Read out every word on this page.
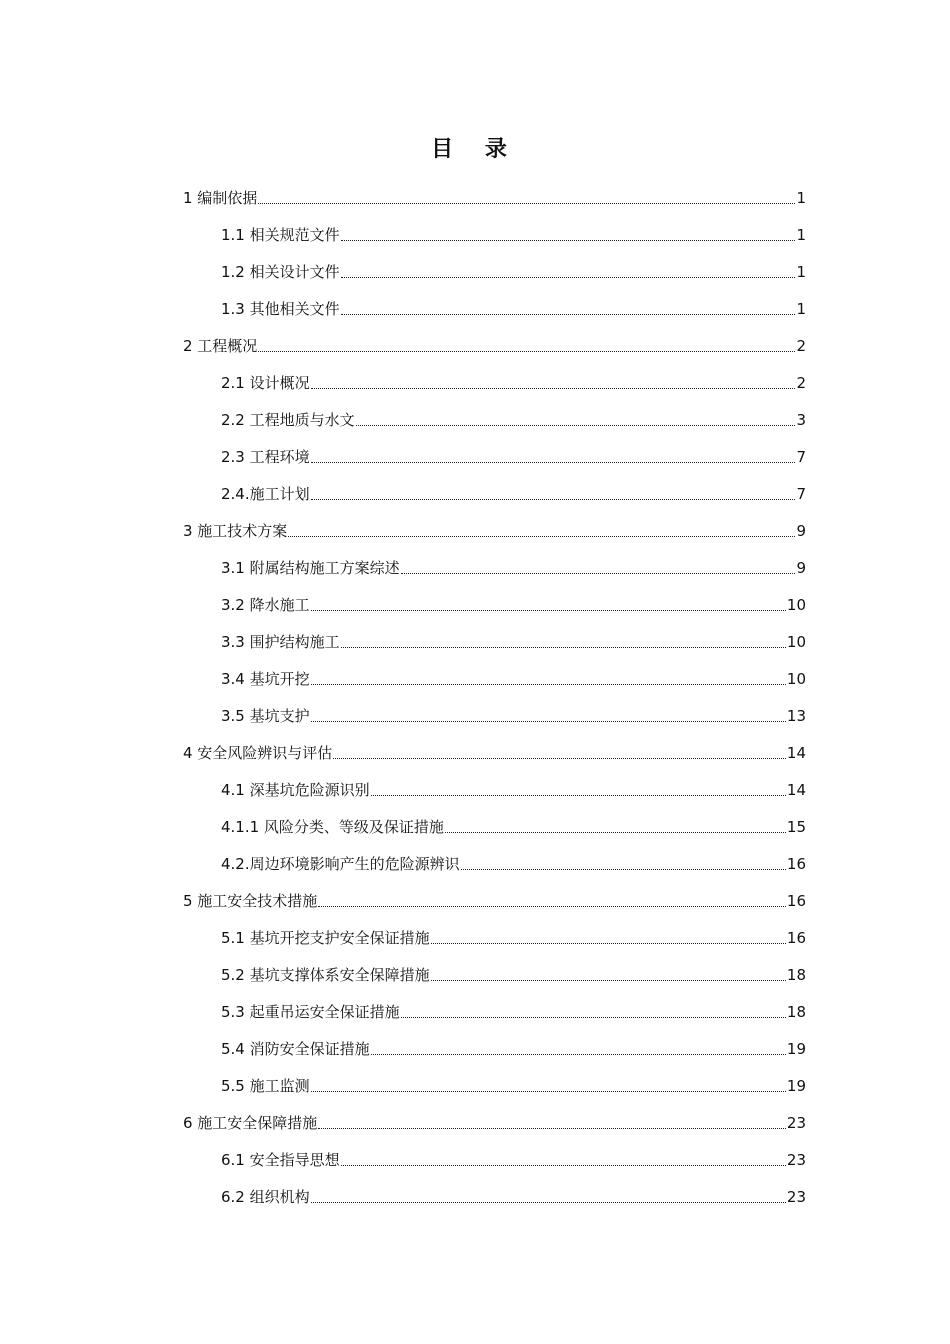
目 录
1 编制依据	1
1.1 相关规范文件	1
1.2 相关设计文件	1
1.3 其他相关文件	1
2 工程概况	2
2.1 设计概况	2
2.2 工程地质与水文	3
2.3 工程环境	7
2.4.施工计划	7
3 施工技术方案	9
3.1 附属结构施工方案综述	9
3.2 降水施工	10
3.3 围护结构施工	10
3.4 基坑开挖	10
3.5 基坑支护	13
4 安全风险辨识与评估	14
4.1 深基坑危险源识别	14
4.1.1 风险分类、等级及保证措施	15
4.2.周边环境影响产生的危险源辨识	16
5 施工安全技术措施	16
5.1 基坑开挖支护安全保证措施	16
5.2 基坑支撑体系安全保障措施	18
5.3 起重吊运安全保证措施	18
5.4 消防安全保证措施	19
5.5 施工监测	19
6 施工安全保障措施	23
6.1 安全指导思想	23
6.2 组织机构	23
